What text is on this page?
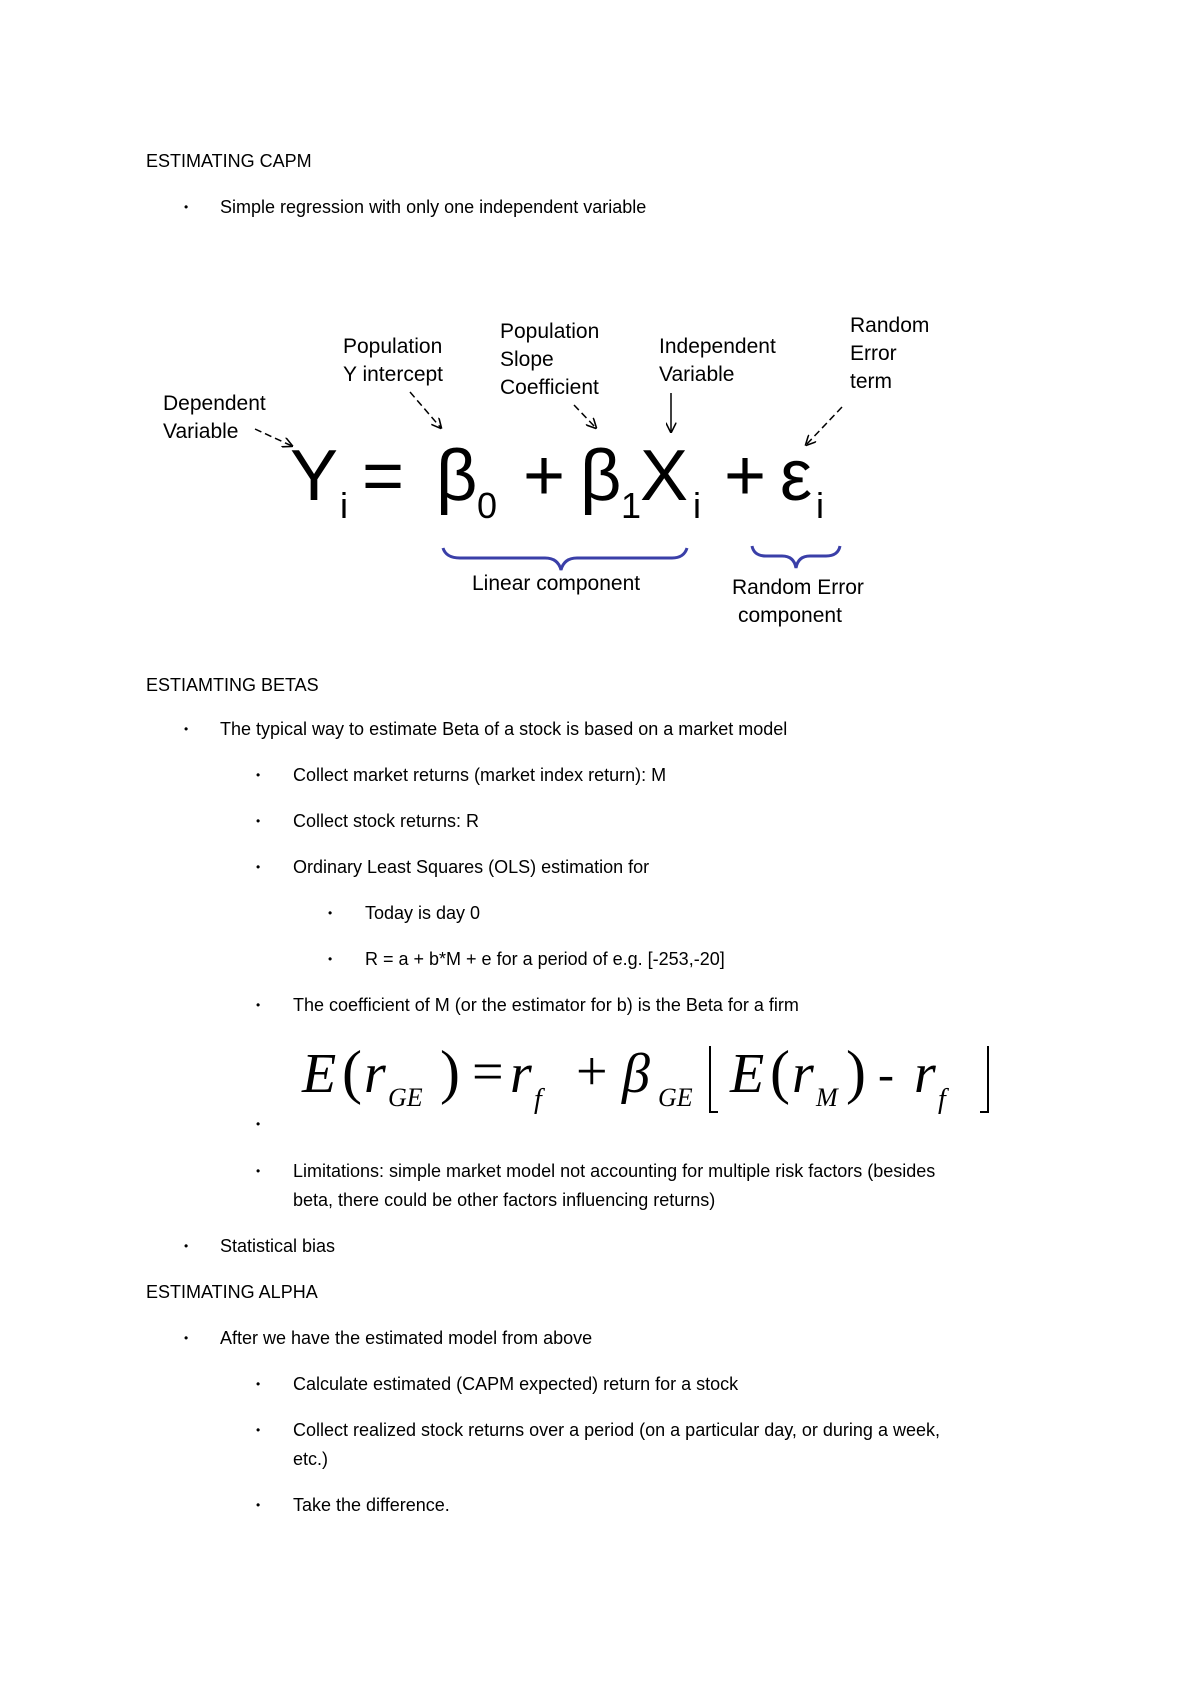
ESTIMATING CAPM
• Simple regression with only one independent variable
Dependent
Variable
Population
Y intercept
Population
Slope
Coefficient
Independent
Variable
Random
Error
term
Y i = β 0 + β 1
X i + ε i
Linear component	Random Error
component
ESTIAMTING BETAS
• The typical way to estimate Beta of a stock is based on a market model
• Collect market returns (market index return): M
• Collect stock returns: R
• Ordinary Least Squares (OLS) estimation for
• Today is day 0
• R = a + b*M + e for a period of e.g. [-253,-20]
• The coefficient of M (or the estimator for b) is the Beta for a firm
E ( r GE ) = r f + β GE E ( r M ) - r f
•
• Limitations: simple market model not accounting for multiple risk factors (besides
beta, there could be other factors influencing returns)
• Statistical bias
ESTIMATING ALPHA
• After we have the estimated model from above
• Calculate estimated (CAPM expected) return for a stock
• Collect realized stock returns over a period (on a particular day, or during a week,
etc.)
• Take the difference.
